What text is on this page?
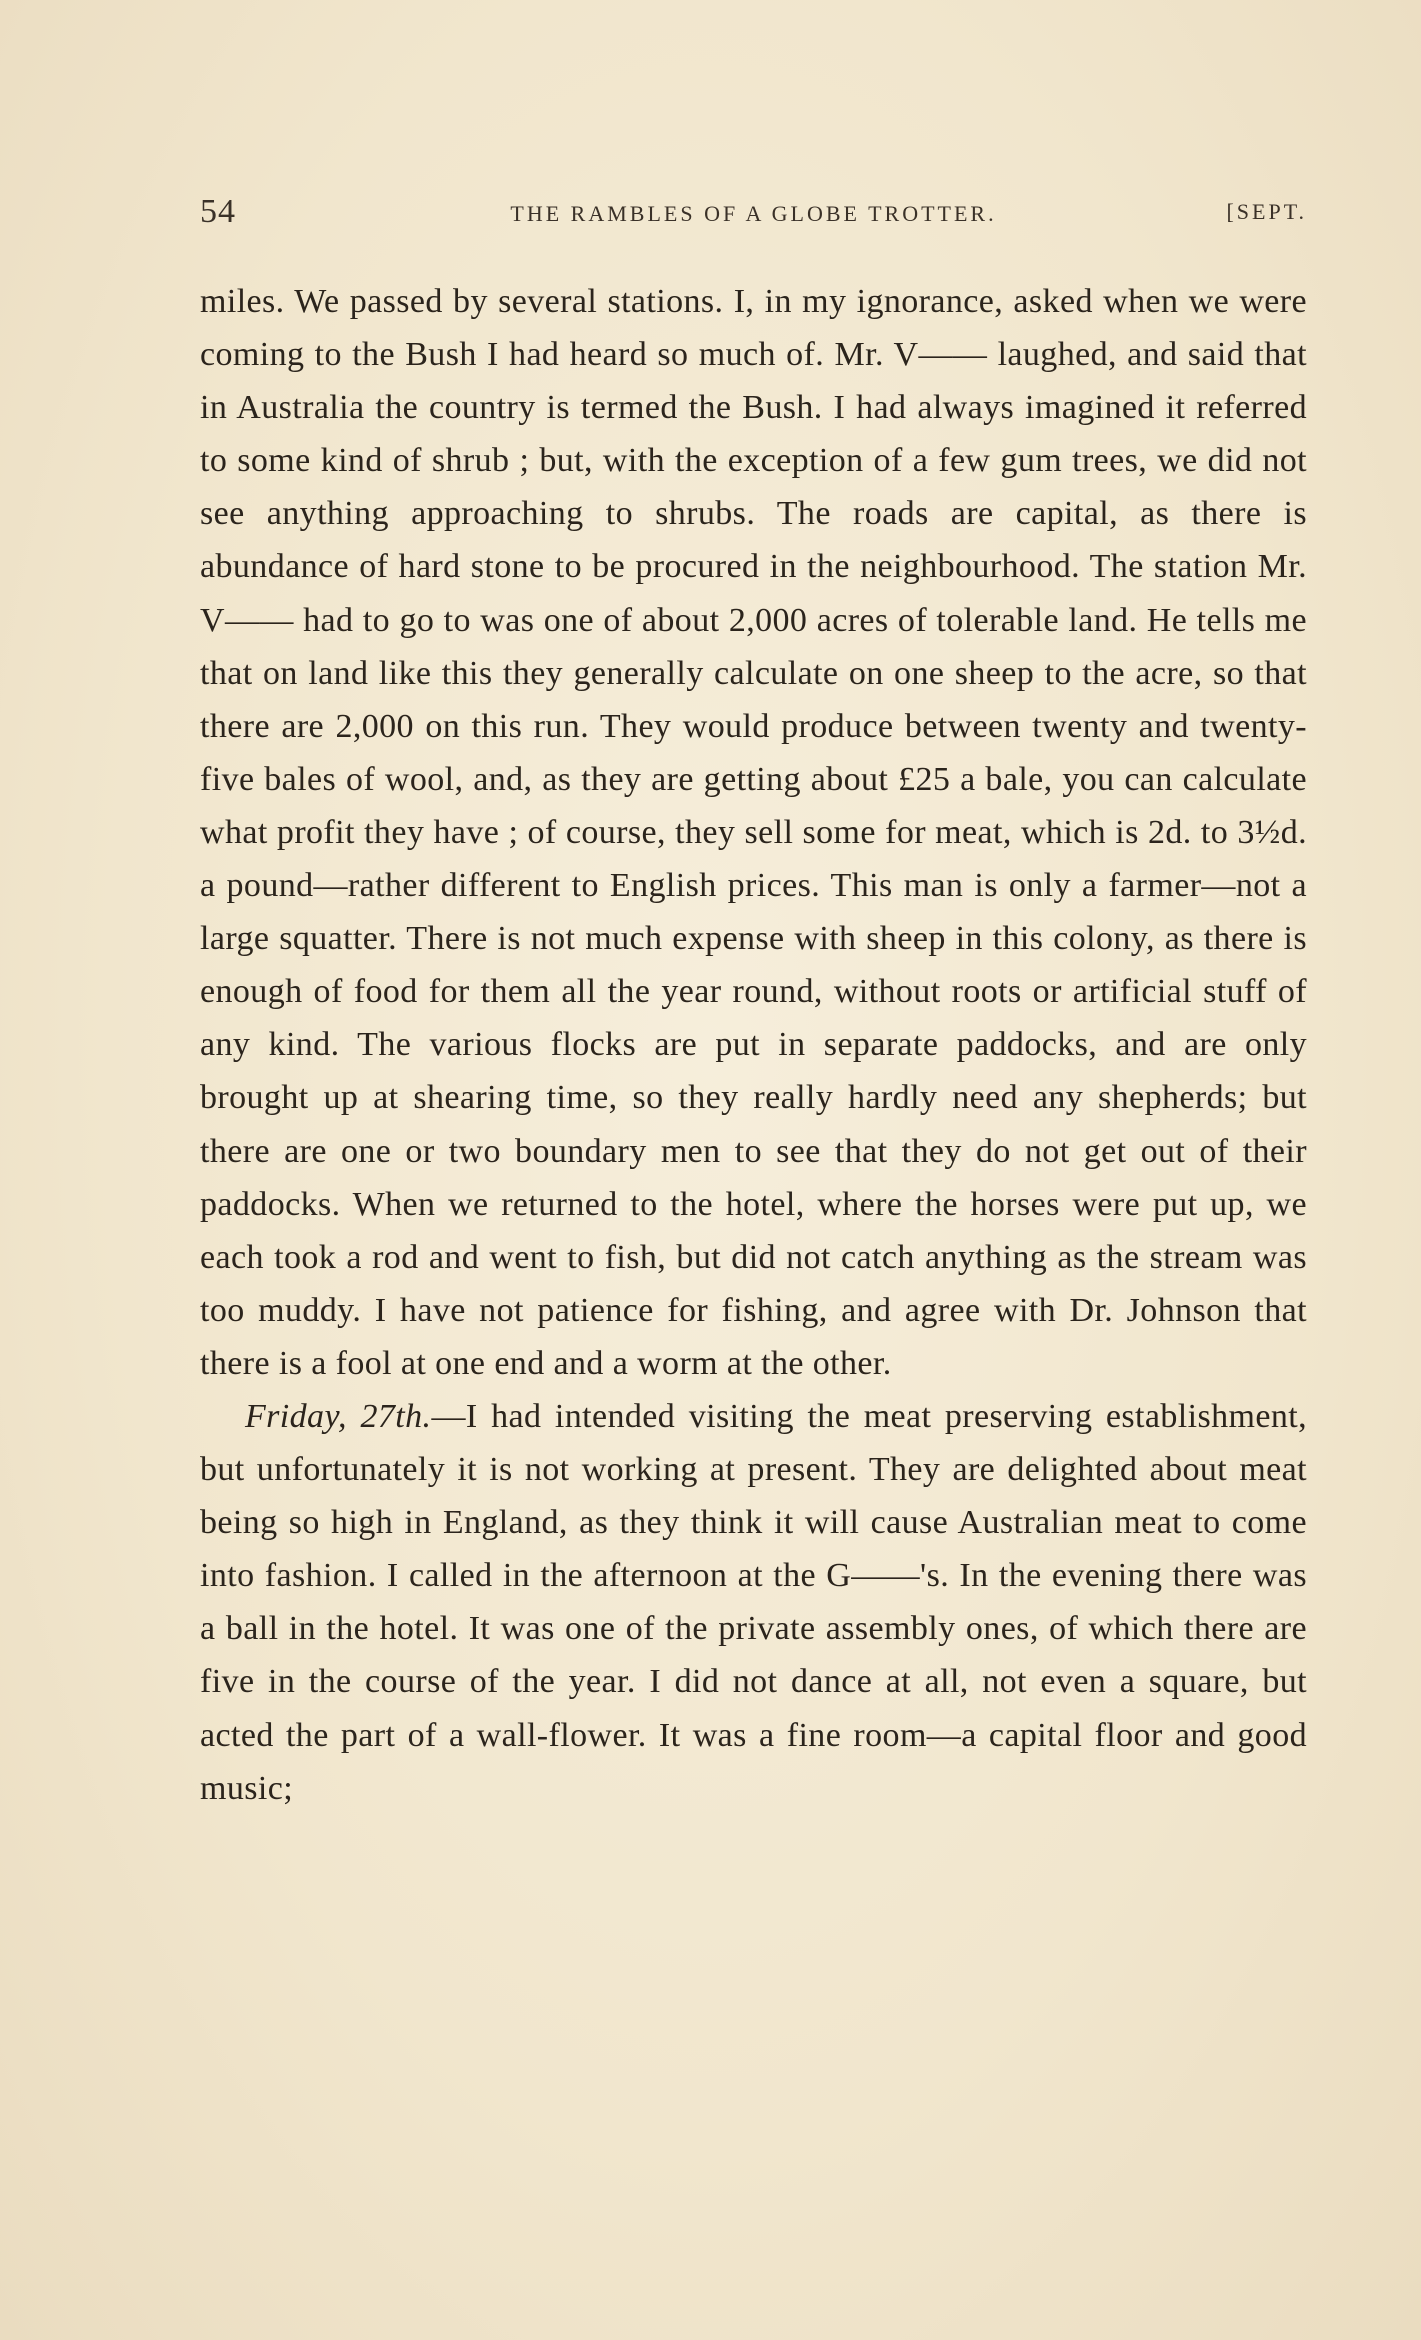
54	THE RAMBLES OF A GLOBE TROTTER.	[SEPT.

miles. We passed by several stations. I, in my ignorance, asked when we were coming to the Bush I had heard so much of. Mr. V—— laughed, and said that in Australia the country is termed the Bush. I had always imagined it referred to some kind of shrub ; but, with the exception of a few gum trees, we did not see anything approaching to shrubs. The roads are capital, as there is abundance of hard stone to be procured in the neighbourhood. The station Mr. V—— had to go to was one of about 2,000 acres of tolerable land. He tells me that on land like this they generally calculate on one sheep to the acre, so that there are 2,000 on this run. They would produce between twenty and twenty-five bales of wool, and, as they are getting about £25 a bale, you can calculate what profit they have ; of course, they sell some for meat, which is 2d. to 3½d. a pound—rather different to English prices. This man is only a farmer—not a large squatter. There is not much expense with sheep in this colony, as there is enough of food for them all the year round, without roots or artificial stuff of any kind. The various flocks are put in separate paddocks, and are only brought up at shearing time, so they really hardly need any shepherds; but there are one or two boundary men to see that they do not get out of their paddocks. When we returned to the hotel, where the horses were put up, we each took a rod and went to fish, but did not catch anything as the stream was too muddy. I have not patience for fishing, and agree with Dr. Johnson that there is a fool at one end and a worm at the other.

Friday, 27th.—I had intended visiting the meat preserving establishment, but unfortunately it is not working at present. They are delighted about meat being so high in England, as they think it will cause Australian meat to come into fashion. I called in the afternoon at the G——'s. In the evening there was a ball in the hotel. It was one of the private assembly ones, of which there are five in the course of the year. I did not dance at all, not even a square, but acted the part of a wall-flower. It was a fine room—a capital floor and good music;
